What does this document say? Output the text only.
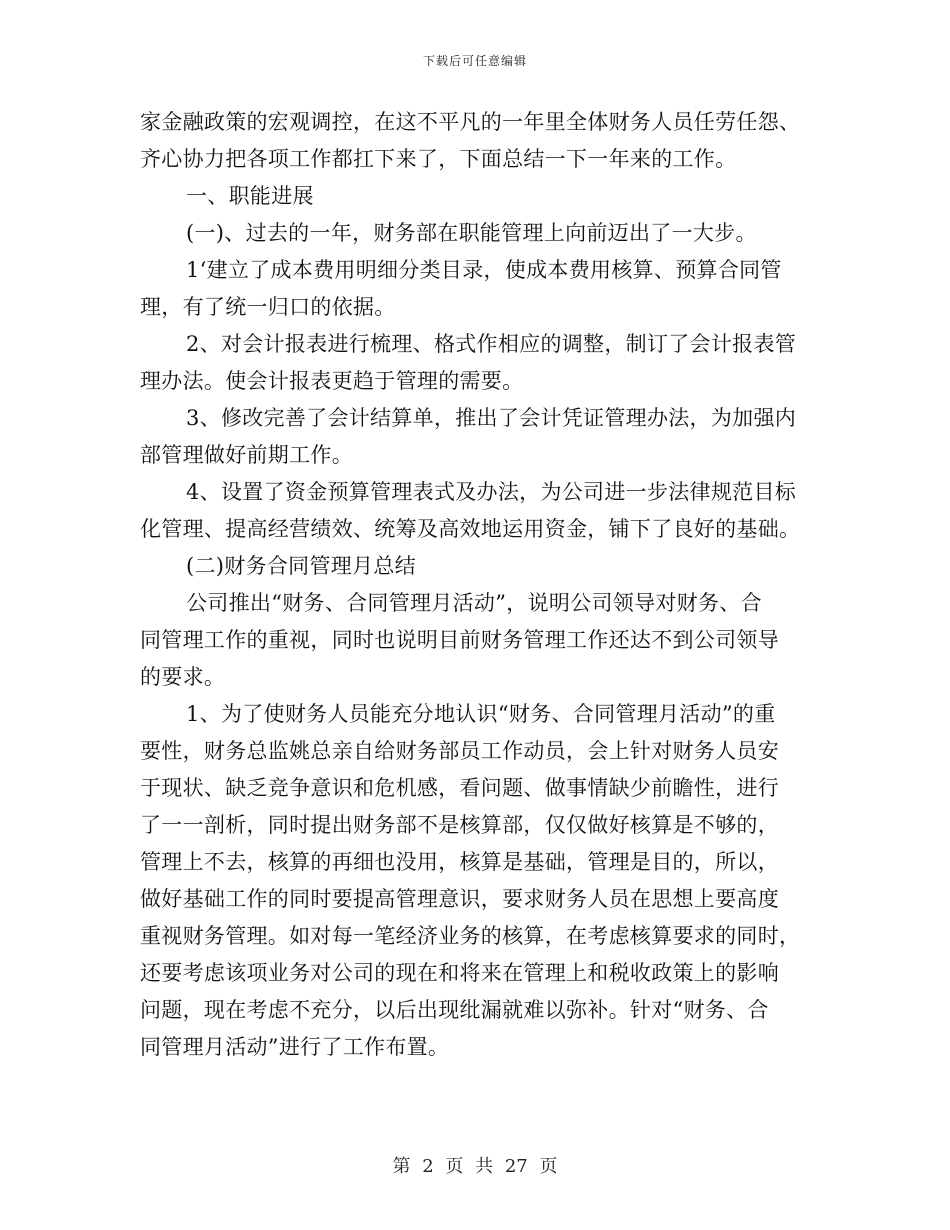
下载后可任意编辑
家金融政策的宏观调控，在这不平凡的一年里全体财务人员任劳任怨、
齐心协力把各项工作都扛下来了，下面总结一下一年来的工作。
一、职能进展
(一)、过去的一年，财务部在职能管理上向前迈出了一大步。
1‘建立了成本费用明细分类目录，使成本费用核算、预算合同管
理，有了统一归口的依据。
2、对会计报表进行梳理、格式作相应的调整，制订了会计报表管
理办法。使会计报表更趋于管理的需要。
3、修改完善了会计结算单，推出了会计凭证管理办法，为加强内
部管理做好前期工作。
4、设置了资金预算管理表式及办法，为公司进一步法律规范目标
化管理、提高经营绩效、统筹及高效地运用资金，铺下了良好的基础。
(二)财务合同管理月总结
公司推出“财务、合同管理月活动”，说明公司领导对财务、合
同管理工作的重视，同时也说明目前财务管理工作还达不到公司领导
的要求。
1、为了使财务人员能充分地认识“财务、合同管理月活动”的重
要性，财务总监姚总亲自给财务部员工作动员，会上针对财务人员安
于现状、缺乏竞争意识和危机感，看问题、做事情缺少前瞻性，进行
了一一剖析，同时提出财务部不是核算部，仅仅做好核算是不够的，
管理上不去，核算的再细也没用，核算是基础，管理是目的，所以，
做好基础工作的同时要提高管理意识，要求财务人员在思想上要高度
重视财务管理。如对每一笔经济业务的核算，在考虑核算要求的同时，
还要考虑该项业务对公司的现在和将来在管理上和税收政策上的影响
问题，现在考虑不充分，以后出现纰漏就难以弥补。针对“财务、合
同管理月活动”进行了工作布置。
第 2 页 共 27 页
